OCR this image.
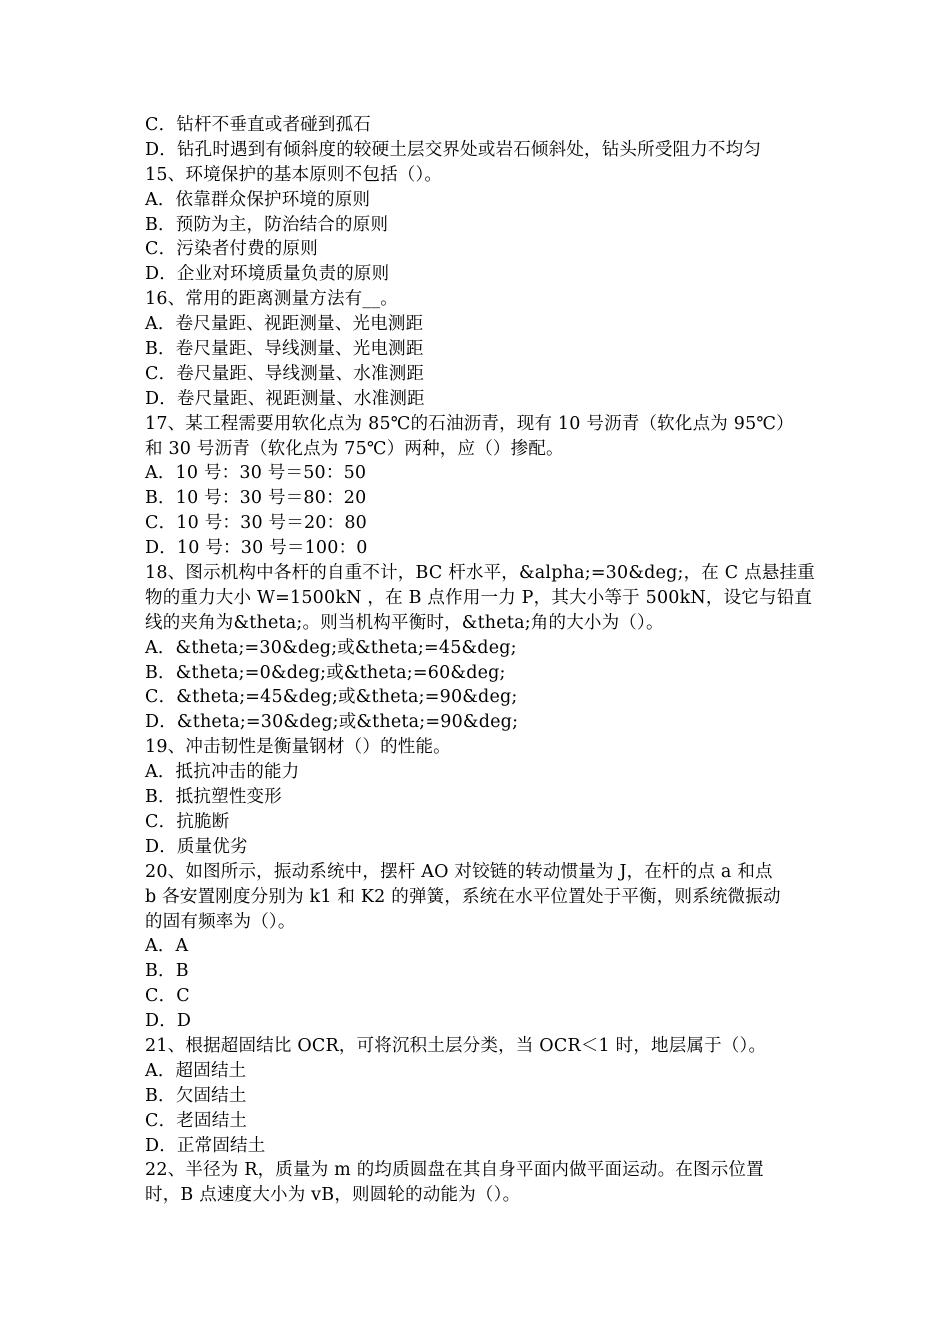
C．钻杆不垂直或者碰到孤石
D．钻孔时遇到有倾斜度的较硬土层交界处或岩石倾斜处，钻头所受阻力不均匀
15、环境保护的基本原则不包括（）。
A．依靠群众保护环境的原则
B．预防为主，防治结合的原则
C．污染者付费的原则
D．企业对环境质量负责的原则
16、常用的距离测量方法有__。
A．卷尺量距、视距测量、光电测距
B．卷尺量距、导线测量、光电测距
C．卷尺量距、导线测量、水准测距
D．卷尺量距、视距测量、水准测距
17、某工程需要用软化点为 85℃的石油沥青，现有 10 号沥青（软化点为 95℃）
和 30 号沥青（软化点为 75℃）两种，应（）掺配。
A．10 号：30 号＝50：50
B．10 号：30 号＝80：20
C．10 号：30 号＝20：80
D．10 号：30 号＝100：0
18、图示机构中各杆的自重不计，BC 杆水平，&alpha;=30&deg;，在 C 点悬挂重
物的重力大小 W=1500kN ，在 B 点作用一力 P，其大小等于 500kN，设它与铅直
线的夹角为&theta;。则当机构平衡时，&theta;角的大小为（）。
A．&theta;=30&deg;或&theta;=45&deg;
B．&theta;=0&deg;或&theta;=60&deg;
C．&theta;=45&deg;或&theta;=90&deg;
D．&theta;=30&deg;或&theta;=90&deg;
19、冲击韧性是衡量钢材（）的性能。
A．抵抗冲击的能力
B．抵抗塑性变形
C．抗脆断
D．质量优劣
20、如图所示，振动系统中，摆杆 AO 对铰链的转动惯量为 J，在杆的点 a 和点
b 各安置刚度分别为 k1 和 K2 的弹簧，系统在水平位置处于平衡，则系统微振动
的固有频率为（）。
A．A
B．B
C．C
D．D
21、根据超固结比 OCR，可将沉积土层分类，当 OCR＜1 时，地层属于（）。
A．超固结土
B．欠固结土
C．老固结土
D．正常固结土
22、半径为 R，质量为 m 的均质圆盘在其自身平面内做平面运动。在图示位置
时，B 点速度大小为 vB，则圆轮的动能为（）。
